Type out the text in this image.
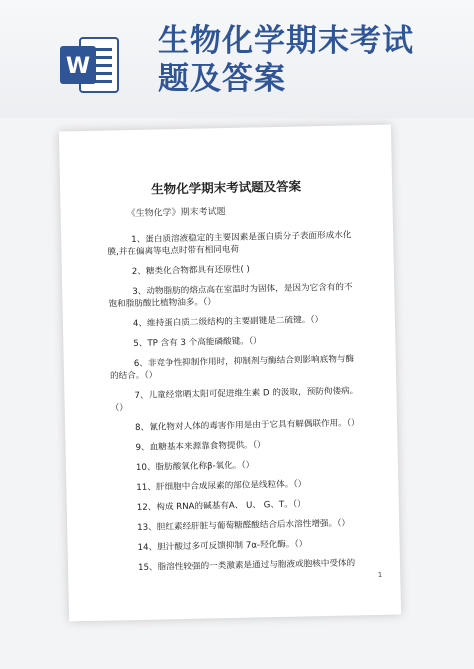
W
生物化学期末考试
题及答案
生物化学期末考试题及答案
《生物化学》期末考试题
1、蛋白质溶液稳定的主要因素是蛋白质分子表面形成水化
膜,并在偏离等电点时带有相同电荷
2、糖类化合物都具有还原性( )
3、动物脂肪的熔点高在室温时为固体，是因为它含有的不
饱和脂肪酸比植物油多。（）
4、维持蛋白质二级结构的主要副键是二硫键。（）
5、TP 含有 3 个高能磷酸键。（）
6、非竞争性抑制作用时，抑制剂与酶结合则影响底物与酶
的结合。（）
7、儿童经常晒太阳可促进维生素 D 的汲取，预防佝偻病。
（）
8、氰化物对人体的毒害作用是由于它具有解偶联作用。（）
9、血糖基本来源靠食物提供。（）
10、脂肪酸氧化称β-氧化。（）
11、肝细胞中合成尿素的部位是线粒体。（）
12、构成 RNA的碱基有A、 U、 G、T。（）
13、胆红素经肝脏与葡萄糖醛酸结合后水溶性增强。（）
14、胆汁酸过多可反馈抑制 7α-羟化酶。（）
15、脂溶性较强的一类激素是通过与胞液或胞核中受体的
1
